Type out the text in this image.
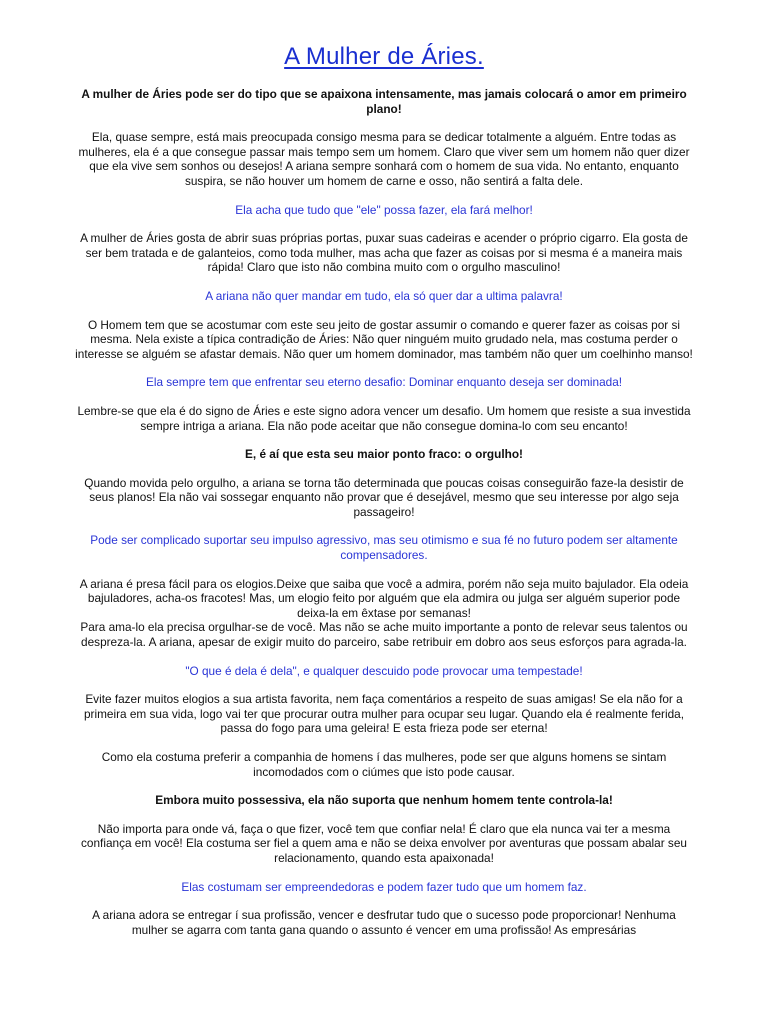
A Mulher de Áries.

A mulher de Áries pode ser do tipo que se apaixona intensamente, mas jamais colocará o amor em primeiro plano!

Ela, quase sempre, está mais preocupada consigo mesma para se dedicar totalmente a alguém. Entre todas as mulheres, ela é a que consegue passar mais tempo sem um homem. Claro que viver sem um homem não quer dizer que ela vive sem sonhos ou desejos! A ariana sempre sonhará com o homem de sua vida. No entanto, enquanto suspira, se não houver um homem de carne e osso, não sentirá a falta dele.

Ela acha que tudo que "ele" possa fazer, ela fará melhor!

A mulher de Áries gosta de abrir suas próprias portas, puxar suas cadeiras e acender o próprio cigarro. Ela gosta de ser bem tratada e de galanteios, como toda mulher, mas acha que fazer as coisas por si mesma é a maneira mais rápida! Claro que isto não combina muito com o orgulho masculino!

A ariana não quer mandar em tudo, ela só quer dar a ultima palavra!

O Homem tem que se acostumar com este seu jeito de gostar assumir o comando e querer fazer as coisas por si mesma. Nela existe a típica contradição de Áries: Não quer ninguém muito grudado nela, mas costuma perder o interesse se alguém se afastar demais. Não quer um homem dominador, mas também não quer um coelhinho manso!

Ela sempre tem que enfrentar seu eterno desafio: Dominar enquanto deseja ser dominada!

Lembre-se que ela é do signo de Áries e este signo adora vencer um desafio. Um homem que resiste a sua investida sempre intriga a ariana. Ela não pode aceitar que não consegue domina-lo com seu encanto!

E, é aí que esta seu maior ponto fraco: o orgulho!

Quando movida pelo orgulho, a ariana se torna tão determinada que poucas coisas conseguirão faze-la desistir de seus planos! Ela não vai sossegar enquanto não provar que é desejável, mesmo que seu interesse por algo seja passageiro!

Pode ser complicado suportar seu impulso agressivo, mas seu otimismo e sua fé no futuro podem ser altamente compensadores.

A ariana é presa fácil para os elogios.Deixe que saiba que você a admira, porém não seja muito bajulador. Ela odeia bajuladores, acha-os fracotes! Mas, um elogio feito por alguém que ela admira ou julga ser alguém superior pode deixa-la em êxtase por semanas!

Para ama-lo ela precisa orgulhar-se de você. Mas não se ache muito importante a ponto de relevar seus talentos ou despreza-la. A ariana, apesar de exigir muito do parceiro, sabe retribuir em dobro aos seus esforços para agrada-la.

"O que é dela é dela", e qualquer descuido pode provocar uma tempestade!

Evite fazer muitos elogios a sua artista favorita, nem faça comentários a respeito de suas amigas! Se ela não for a primeira em sua vida, logo vai ter que procurar outra mulher para ocupar seu lugar. Quando ela é realmente ferida, passa do fogo para uma geleira! E esta frieza pode ser eterna!

Como ela costuma preferir a companhia de homens í das mulheres, pode ser que alguns homens se sintam incomodados com o ciúmes que isto pode causar.

Embora muito possessiva, ela não suporta que nenhum homem tente controla-la!

Não importa para onde vá, faça o que fizer, você tem que confiar nela! É claro que ela nunca vai ter a mesma confiança em você! Ela costuma ser fiel a quem ama e não se deixa envolver por aventuras que possam abalar seu relacionamento, quando esta apaixonada!

Elas costumam ser empreendedoras e podem fazer tudo que um homem faz.

A ariana adora se entregar í sua profissão, vencer e desfrutar tudo que o sucesso pode proporcionar! Nenhuma mulher se agarra com tanta gana quando o assunto é vencer em uma profissão! As empresárias
